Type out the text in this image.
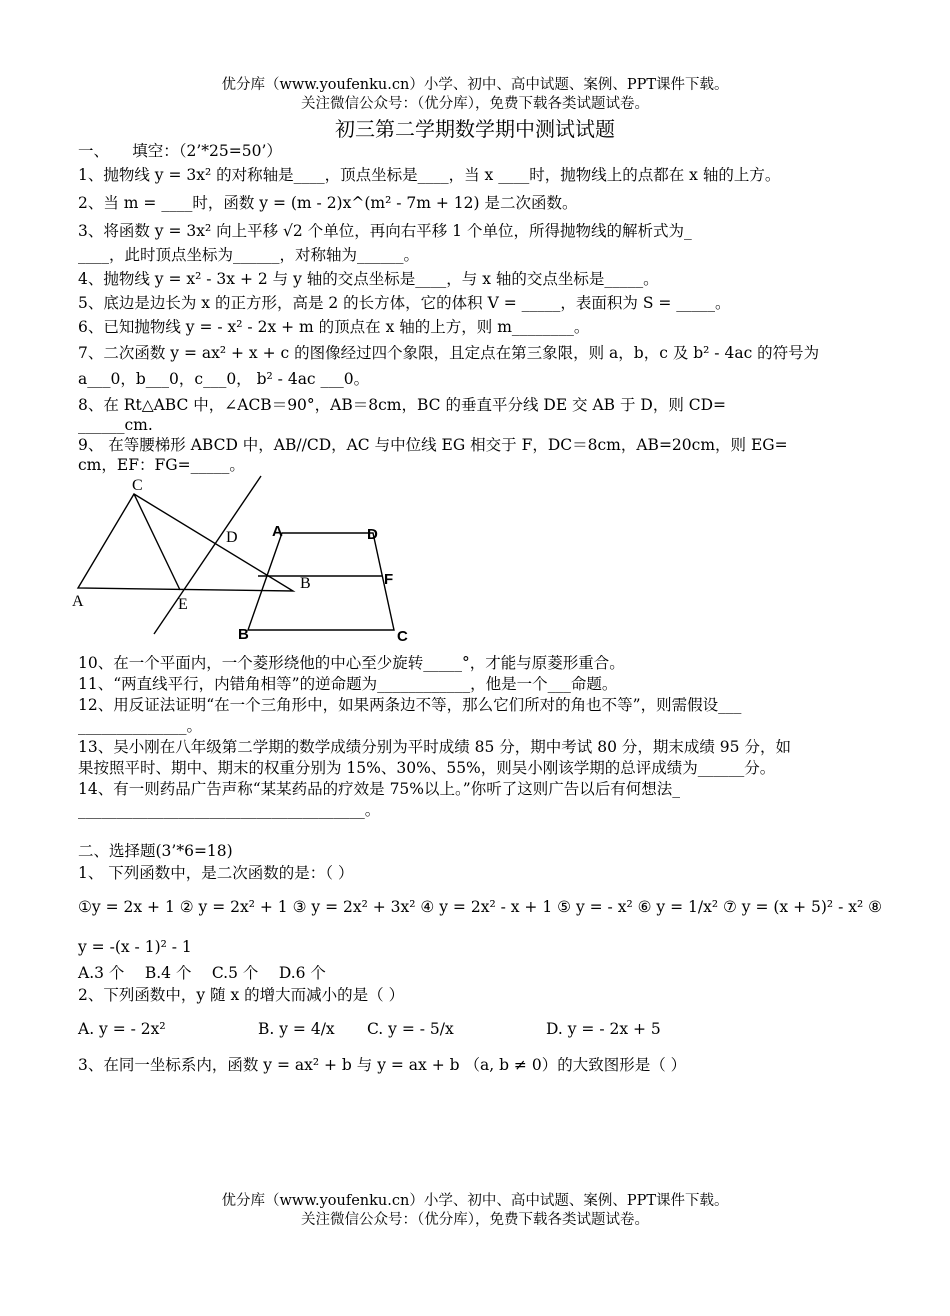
优分库（www.youfenku.cn）小学、初中、高中试题、案例、PPT课件下载。
关注微信公众号：（优分库），免费下载各类试题试卷。
初三第二学期数学期中测试试题
一、　　填空：（2’*25=50’）
1、抛物线 y = 3x² 的对称轴是____，顶点坐标是____，当 x ____时，抛物线上的点都在 x 轴的上方。
2、当 m = ____时，函数 y = (m - 2)x^(m² - 7m + 12) 是二次函数。
3、将函数 y = 3x² 向上平移 √2 个单位，再向右平移 1 个单位，所得抛物线的解析式为_
____，此时顶点坐标为______，对称轴为______。
4、抛物线 y = x² - 3x + 2 与 y 轴的交点坐标是____，与 x 轴的交点坐标是_____。
5、底边是边长为 x 的正方形，高是 2 的长方体，它的体积 V = _____，表面积为 S = _____。
6、已知抛物线 y = - x² - 2x + m 的顶点在 x 轴的上方，则 m________。
7、二次函数 y = ax² + x + c 的图像经过四个象限，且定点在第三象限，则 a，b，c 及 b² - 4ac 的符号为
a___0，b___0，c___0， b² - 4ac ___0。
8、在 Rt△ABC 中，∠ACB＝90°，AB＝8cm，BC 的垂直平分线 DE 交 AB 于 D，则 CD=
______cm.
9、 在等腰梯形 ABCD 中，AB//CD，AC 与中位线 EG 相交于 F，DC＝8cm，AB=20cm，则 EG=
cm，EF：FG=_____。
C
D
A	E
B
A	D
F
B	C
10、在一个平面内，一个菱形绕他的中心至少旋转_____°，才能与原菱形重合。
11、“两直线平行，内错角相等”的逆命题为____________，他是一个___命题。
12、用反证法证明“在一个三角形中，如果两条边不等，那么它们所对的角也不等”，则需假设___
______________。
13、吴小刚在八年级第二学期的数学成绩分别为平时成绩 85 分，期中考试 80 分，期末成绩 95 分，如
果按照平时、期中、期末的权重分别为 15%、30%、55%，则吴小刚该学期的总评成绩为______分。
14、有一则药品广告声称“某某药品的疗效是 75%以上。”你听了这则广告以后有何想法_
_____________________________________。
二、选择题(3’*6=18)
1、 下列函数中，是二次函数的是：（ ）
①y = 2x + 1 ② y = 2x² + 1 ③ y = 2x² + 3x² ④ y = 2x² - x + 1 ⑤ y = - x² ⑥ y = 1/x² ⑦ y = (x + 5)² - x² ⑧
y = -(x - 1)² - 1
A.3 个　 B.4 个　 C.5 个　 D.6 个
2、下列函数中，y 随 x 的增大而减小的是（ ）
A. y = - 2x²	B. y = 4/x C. y = - 5/x	D. y = - 2x + 5
3、在同一坐标系内，函数 y = ax² + b 与 y = ax + b （a, b ≠ 0）的大致图形是（ ）
优分库（www.youfenku.cn）小学、初中、高中试题、案例、PPT课件下载。
关注微信公众号：（优分库），免费下载各类试题试卷。
